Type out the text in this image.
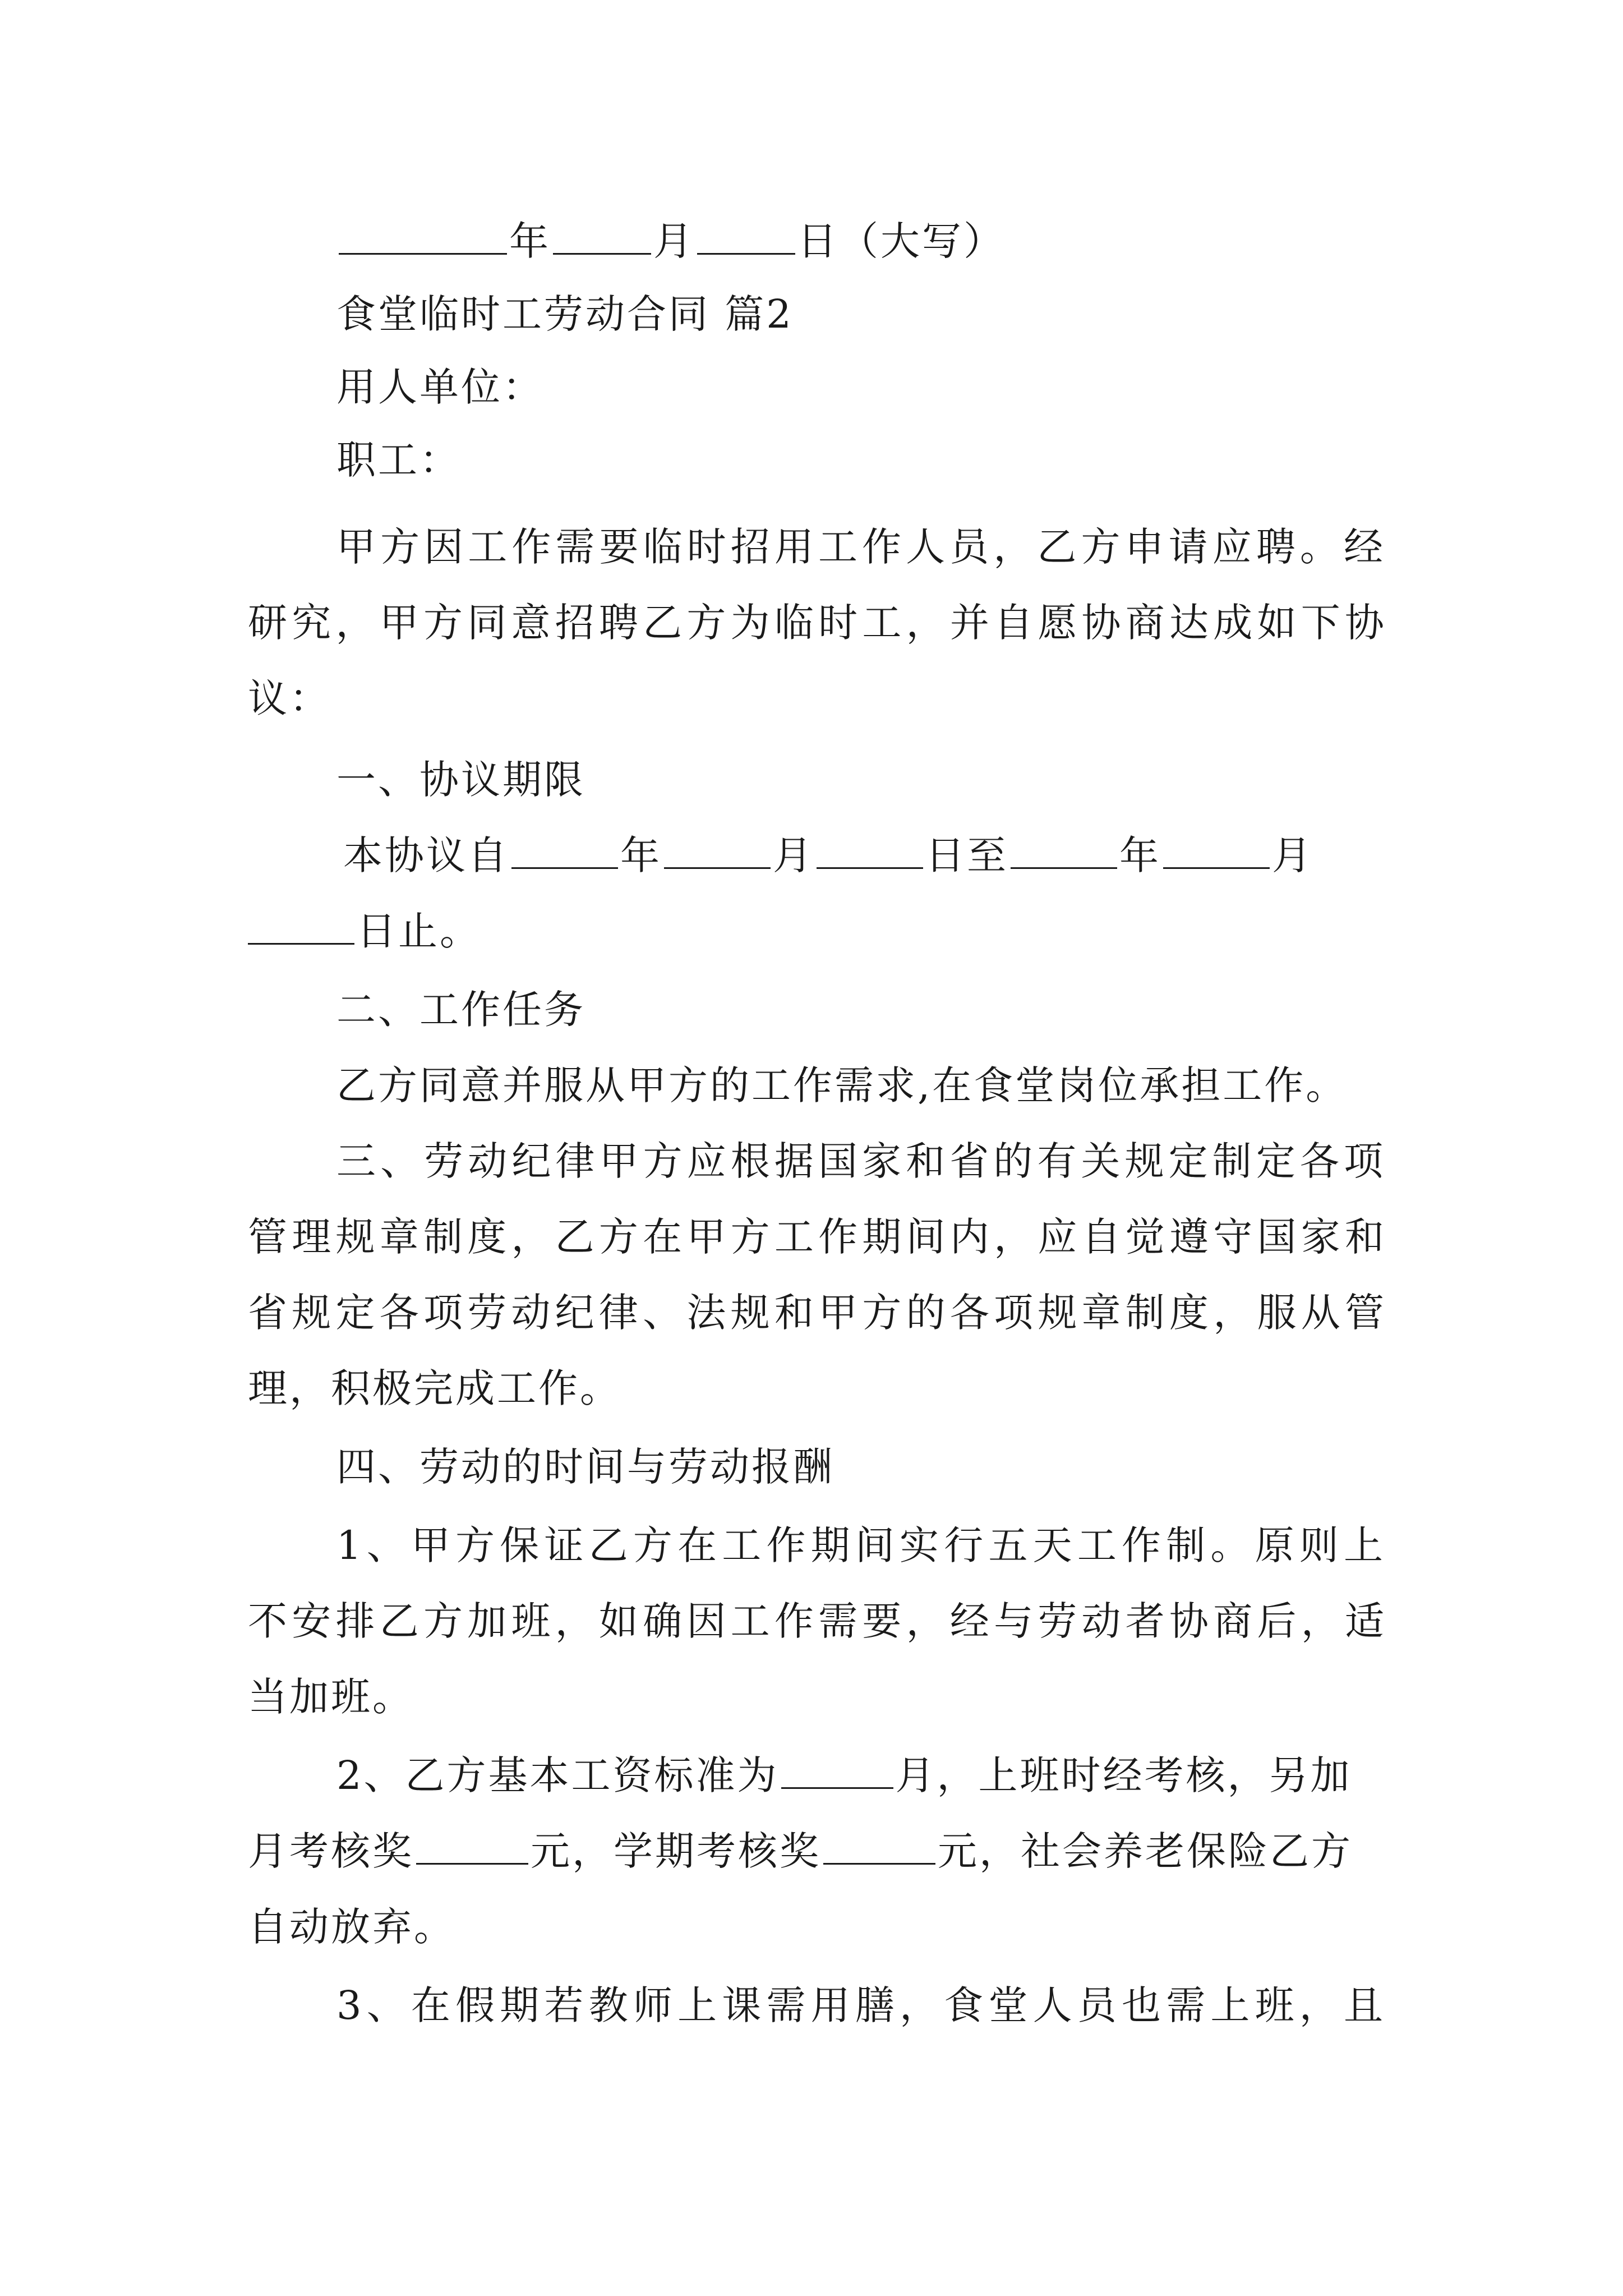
年	月	日（大写）
食堂临时工劳动合同 篇2
用人单位：
职工：
甲方因工作需要临时招用工作人员，乙方申请应聘。经
研究，甲方同意招聘乙方为临时工，并自愿协商达成如下协
议：
一、协议期限
本协议自	年	月	日至	年	月
日止。
二、工作任务
乙方同意并服从甲方的工作需求,在食堂岗位承担工作。
三、劳动纪律甲方应根据国家和省的有关规定制定各项
管理规章制度，乙方在甲方工作期间内，应自觉遵守国家和
省规定各项劳动纪律、法规和甲方的各项规章制度，服从管
理，积极完成工作。
四、劳动的时间与劳动报酬
1、甲方保证乙方在工作期间实行五天工作制。原则上
不安排乙方加班，如确因工作需要，经与劳动者协商后，适
当加班。
2、乙方基本工资标准为	月，上班时经考核，另加
月考核奖	元，学期考核奖	元，社会养老保险乙方
自动放弃。
3、在假期若教师上课需用膳，食堂人员也需上班，且
